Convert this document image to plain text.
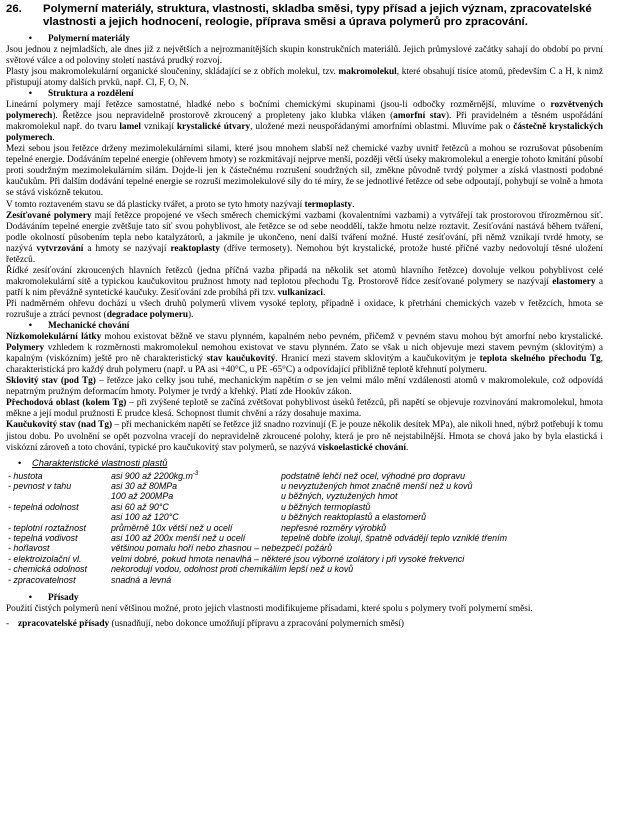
26.	Polymerní materiály, struktura, vlastnosti, skladba směsi, typy přísad a jejich význam, zpracovatelské vlastnosti a jejich hodnocení, reologie, příprava směsi a úprava polymerů pro zpracování.
•	Polymerní materiály

Jsou jednou z nejmladších, ale dnes již z největších a nejrozmanitějších skupin konstrukčních materiálů. Jejich průmyslové začátky sahají do období po první světové válce a od poloviny století nastává prudký rozvoj.

Plasty jsou makromolekulární organické sloučeniny, skládající se z obřích molekul, tzv. makromolekul, které obsahují tisíce atomů, především C a H, k nimž přistupují atomy dalších prvků, např. Cl, F, O, N.

•	Struktura a rozdělení

Lineární polymery mají řetězce samostatné, hladké nebo s bočními chemickými skupinami (jsou-li odbočky rozměrnější, mluvíme o rozvětvených polymerech). Řetězce jsou nepravidelně prostorově zkroucený a propleteny jako klubka vláken (amorfní stav). Při pravidelném a těsném uspořádání makromolekul např. do tvaru lamel vznikají krystalické útvary, uložené mezi neuspořádanými amorfními oblastmi. Mluvíme pak o částečně krystalických polymerech.

Mezi sebou jsou řetězce drženy mezimolekulárními silami, které jsou mnohem slabší než chemické vazby uvnitř řetězců a mohou se rozrušovat působením tepelné energie. Dodáváním tepelné energie (ohřevem hmoty) se rozkmitávají nejprve menší, později větší úseky makromolekul a energie tohoto kmitání působí proti soudržným mezimolekulárním silám. Dojde-li jen k částečnému rozrušení soudržných sil, změkne původně tvrdý polymer a získá vlastnosti podobné kaučukům. Při dalším dodávání tepelné energie se rozruší mezimolekulové síly do té míry, že se jednotlivé řetězce od sebe odpoutají, pohybují se volně a hmota se stává viskózně tekutou.

V tomto roztaveném stavu se dá plasticky tvářet, a proto se tyto hmoty nazývají termoplasty.

Zesíťované polymery mají řetězce propojené ve všech směrech chemickými vazbami (kovalentními vazbami) a vytvářejí tak prostorovou třírozměrnou síť. Dodáváním tepelné energie zvětšuje tato síť svou pohyblivost, ale řetězce se od sebe neoddělí, takže hmotu nelze roztavit. Zesíťování nastává během tváření, podle okolností působením tepla nebo katalyzátorů, a jakmile je ukončeno, není další tváření možné. Husté zesíťování, při němž vznikají tvrdé hmoty, se nazývá vytvrzování a hmoty se nazývají reaktoplasty (dříve termosety). Nemohou být krystalické, protože husté příčné vazby nedovolují těsné uložení řetězců.

Řídké zesíťování zkroucených hlavních řetězců (jedna příčná vazba připadá na několik set atomů hlavního řetězce) dovoluje velkou pohyblivost celé makromolekulární sítě a typickou kaučukovitou pružnost hmoty nad teplotou přechodu Tg. Prostorově řídce zesíťované polymery se nazývají elastomery a patří k nim převážně syntetické kaučuky. Zesíťování zde probíhá při tzv. vulkanizaci.

Při nadměrném ohřevu dochází u všech druhů polymerů vlivem vysoké teploty, případně i oxidace, k přetrhání chemických vazeb v řetězcích, hmota se rozrušuje a ztrácí pevnost (degradace polymeru).

•	Mechanické chování

Nízkomolekulární látky mohou existovat běžně ve stavu plynném, kapalném nebo pevném, přičemž v pevném stavu mohou být amorfní nebo krystalické. Polymery vzhledem k rozměrnosti makromolekul nemohou existovat ve stavu plynném. Zato se však u nich objevuje mezi stavem pevným (sklovitým) a kapalným (viskózním) ještě pro ně charakteristický stav kaučukovitý. Hranicí mezi stavem sklovitým a kaučukovitým je teplota skelného přechodu Tg, charakteristická pro každý druh polymeru (např. u PA asi +40°C, u PE -65°C) a odpovídající přibližně teplotě křehnutí polymeru.

Sklovitý stav (pod Tg) – řetězce jako celky jsou tuhé, mechanickým napětím σ se jen velmi málo mění vzdálenosti atomů v makromolekule, což odpovídá nepatrným pružným deformacím hmoty. Polymer je tvrdý a křehký. Platí zde Hookův zákon.

Přechodová oblast (kolem Tg) – při zvýšené teplotě se začíná zvětšovat pohyblivost úseků řetězců, při napětí se objevuje rozvinování makromolekul, hmota měkne a její modul pružnosti E prudce klesá. Schopnost tlumit chvění a rázy dosahuje maxima.

Kaučukovitý stav (nad Tg) – při mechanickém napětí se řetězce již snadno rozvinují (E je pouze několik desítek MPa), ale nikoli hned, nýbrž potřebují k tomu jistou dobu. Po uvolnění se opět pozvolna vracejí do nepravidelně zkroucené polohy, která je pro ně nejstabilnější. Hmota se chová jako by byla elastická i viskózní zároveň a toto chování, typické pro kaučukovitý stav polymerů, se nazývá viskoelastické chování.

•	Charakteristické vlastnosti plastů
- hustota	asi 900 až $2200kg.m^{-3}$	podstatně lehčí než ocel, výhodné pro dopravu
- pevnost v tahu	asi 30 až 80MPa	u nevyztužených hmot značně menší než u kovů
	100 až 200MPa	u běžných, vyztužených hmot
- tepelná odolnost	asi 60 až 90°C	u běžných termoplastů
	asi 100 až 120°C	u běžných reaktoplastů a elastomerů
- teplotní roztažnost	průměrně 10x větší než u ocelí	nepřesné rozměry výrobků
- tepelná vodivost	asi 100 až 200x menší než u ocelí	tepelně dobře izolují, špatně odvádějí teplo vzniklé třením
- hořlavost	většinou pomalu hoří nebo zhasnou – nebezpečí požárů	
- elektroizolační vl.	velmi dobré, pokud hmota nenavlhá – některé jsou výborné izolátory i při vysoké frekvenci	
- chemická odolnost	nekorodují vodou, odolnost proti chemikáliím lepší než u kovů	
- zpracovatelnost	snadná a levná	
•	Přísady

Použití čistých polymerů není většinou možné, proto jejich vlastnosti modifikujeme přísadami, které spolu s polymery tvoří polymerní směsi.

- zpracovatelské přísady (usnadňují, nebo dokonce umožňují přípravu a zpracování polymerních směsí)
